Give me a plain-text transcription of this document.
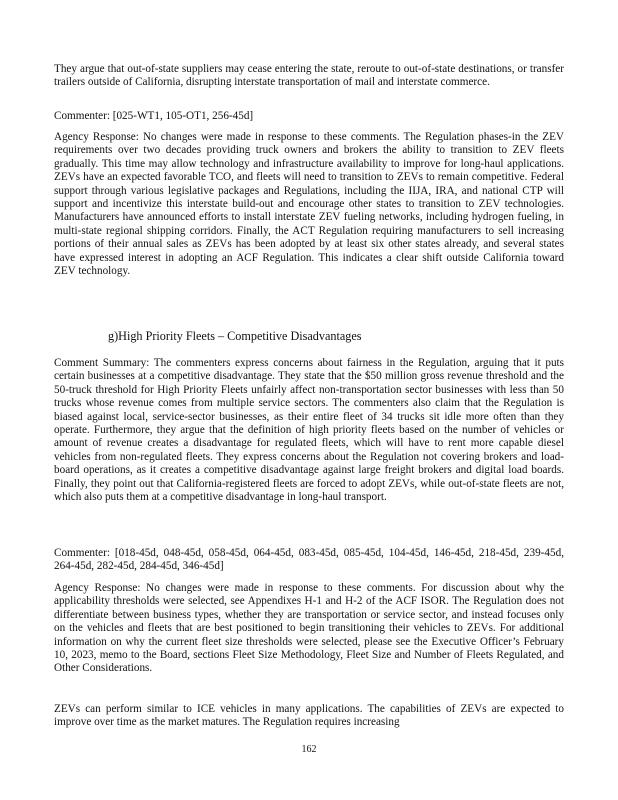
They argue that out-of-state suppliers may cease entering the state, reroute to out-of-state destinations, or transfer trailers outside of California, disrupting interstate transportation of mail and interstate commerce.

Commenter: [025-WT1, 105-OT1, 256-45d]

Agency Response: No changes were made in response to these comments. The Regulation phases-in the ZEV requirements over two decades providing truck owners and brokers the ability to transition to ZEV fleets gradually. This time may allow technology and infrastructure availability to improve for long-haul applications. ZEVs have an expected favorable TCO, and fleets will need to transition to ZEVs to remain competitive. Federal support through various legislative packages and Regulations, including the IIJA, IRA, and national CTP will support and incentivize this interstate build-out and encourage other states to transition to ZEV technologies. Manufacturers have announced efforts to install interstate ZEV fueling networks, including hydrogen fueling, in multi-state regional shipping corridors. Finally, the ACT Regulation requiring manufacturers to sell increasing portions of their annual sales as ZEVs has been adopted by at least six other states already, and several states have expressed interest in adopting an ACF Regulation. This indicates a clear shift outside California toward ZEV technology.

g)High Priority Fleets – Competitive Disadvantages

Comment Summary: The commenters express concerns about fairness in the Regulation, arguing that it puts certain businesses at a competitive disadvantage. They state that the $50 million gross revenue threshold and the 50-truck threshold for High Priority Fleets unfairly affect non-transportation sector businesses with less than 50 trucks whose revenue comes from multiple service sectors. The commenters also claim that the Regulation is biased against local, service-sector businesses, as their entire fleet of 34 trucks sit idle more often than they operate. Furthermore, they argue that the definition of high priority fleets based on the number of vehicles or amount of revenue creates a disadvantage for regulated fleets, which will have to rent more capable diesel vehicles from non-regulated fleets. They express concerns about the Regulation not covering brokers and load-board operations, as it creates a competitive disadvantage against large freight brokers and digital load boards. Finally, they point out that California-registered fleets are forced to adopt ZEVs, while out-of-state fleets are not, which also puts them at a competitive disadvantage in long-haul transport.

Commenter: [018-45d, 048-45d, 058-45d, 064-45d, 083-45d, 085-45d, 104-45d, 146-45d, 218-45d, 239-45d, 264-45d, 282-45d, 284-45d, 346-45d]

Agency Response: No changes were made in response to these comments. For discussion about why the applicability thresholds were selected, see Appendixes H-1 and H-2 of the ACF ISOR. The Regulation does not differentiate between business types, whether they are transportation or service sector, and instead focuses only on the vehicles and fleets that are best positioned to begin transitioning their vehicles to ZEVs. For additional information on why the current fleet size thresholds were selected, please see the Executive Officer’s February 10, 2023, memo to the Board, sections Fleet Size Methodology, Fleet Size and Number of Fleets Regulated, and Other Considerations.

ZEVs can perform similar to ICE vehicles in many applications. The capabilities of ZEVs are expected to improve over time as the market matures. The Regulation requires increasing

162
